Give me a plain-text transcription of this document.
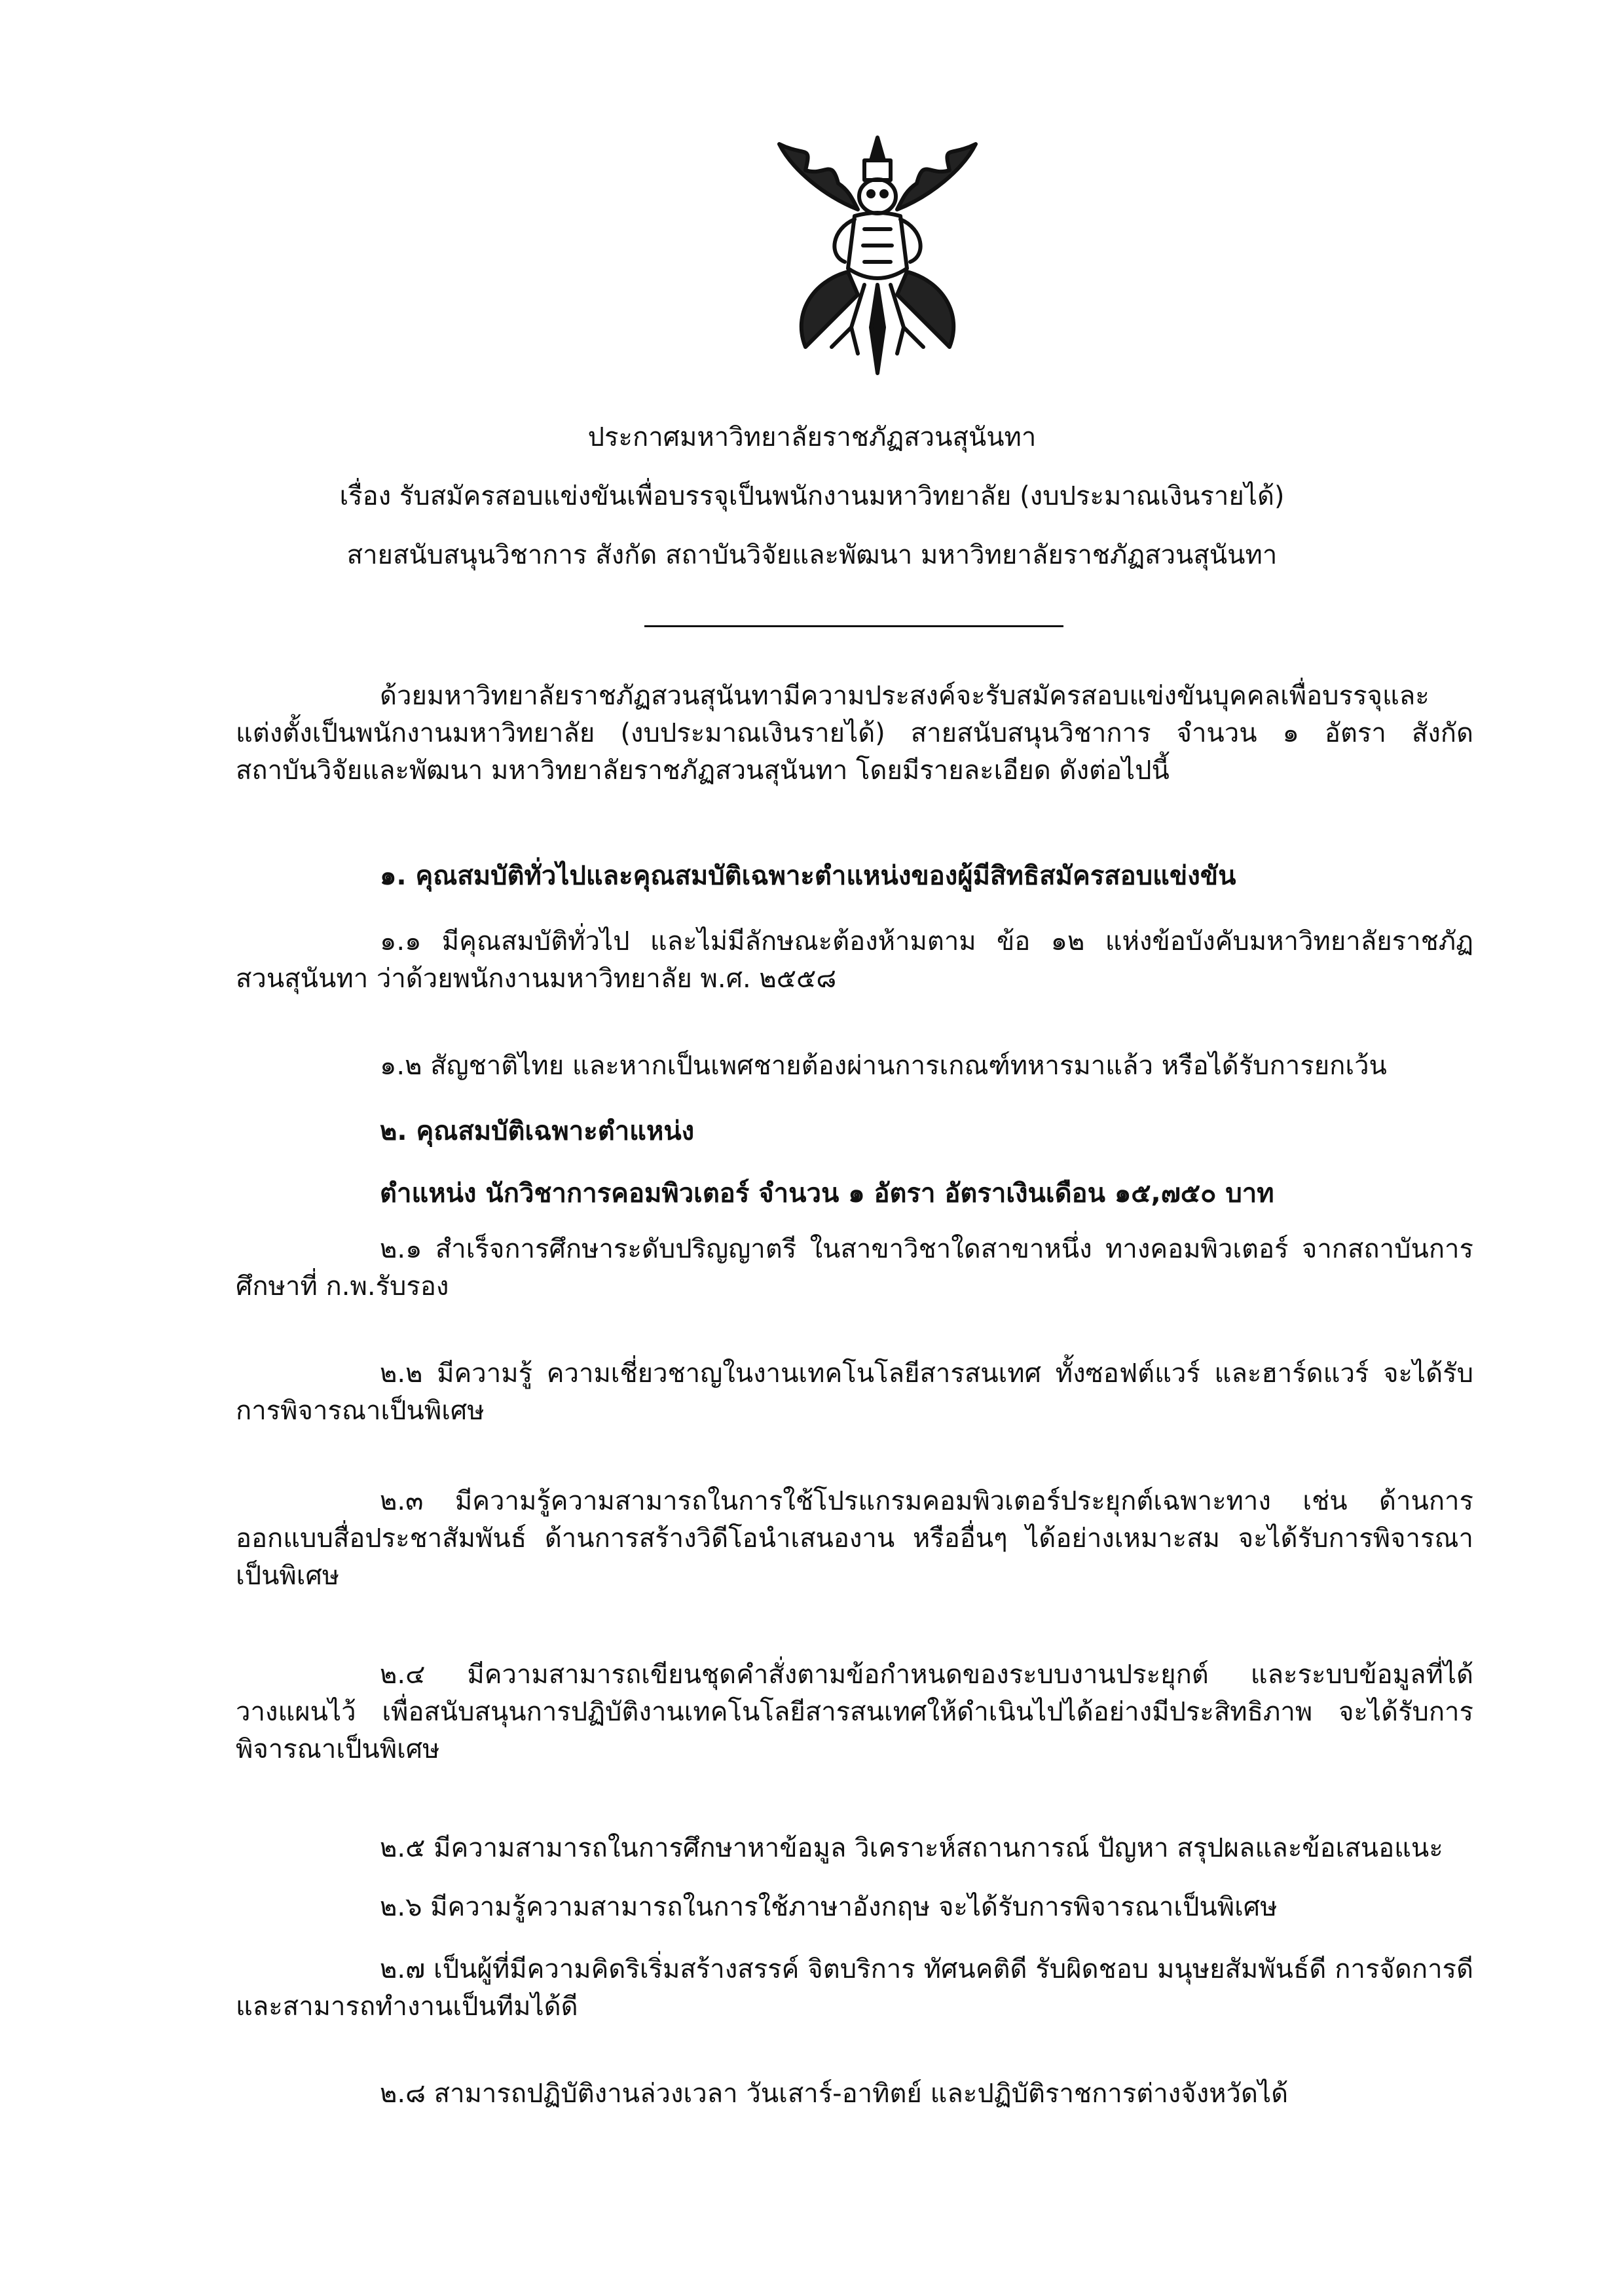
ประกาศมหาวิทยาลัยราชภัฏสวนสุนันทา
เรื่อง รับสมัครสอบแข่งขันเพื่อบรรจุเป็นพนักงานมหาวิทยาลัย (งบประมาณเงินรายได้)
สายสนับสนุนวิชาการ สังกัด สถาบันวิจัยและพัฒนา มหาวิทยาลัยราชภัฏสวนสุนันทา
ด้วยมหาวิทยาลัยราชภัฏสวนสุนันทามีความประสงค์จะรับสมัครสอบแข่งขันบุคคลเพื่อบรรจุและแต่งตั้งเป็นพนักงานมหาวิทยาลัย (งบประมาณเงินรายได้) สายสนับสนุนวิชาการ จำนวน ๑ อัตรา สังกัด สถาบันวิจัยและพัฒนา มหาวิทยาลัยราชภัฏสวนสุนันทา โดยมีรายละเอียด ดังต่อไปนี้
๑. คุณสมบัติทั่วไปและคุณสมบัติเฉพาะตำแหน่งของผู้มีสิทธิสมัครสอบแข่งขัน
๑.๑ มีคุณสมบัติทั่วไป และไม่มีลักษณะต้องห้ามตาม ข้อ ๑๒ แห่งข้อบังคับมหาวิทยาลัยราชภัฏสวนสุนันทา ว่าด้วยพนักงานมหาวิทยาลัย พ.ศ. ๒๕๕๘
๑.๒ สัญชาติไทย และหากเป็นเพศชายต้องผ่านการเกณฑ์ทหารมาแล้ว หรือได้รับการยกเว้น
๒. คุณสมบัติเฉพาะตำแหน่ง
ตำแหน่ง นักวิชาการคอมพิวเตอร์ จำนวน ๑ อัตรา อัตราเงินเดือน ๑๕,๗๕๐ บาท
๒.๑ สำเร็จการศึกษาระดับปริญญาตรี ในสาขาวิชาใดสาขาหนึ่ง ทางคอมพิวเตอร์ จากสถาบันการศึกษาที่ ก.พ.รับรอง
๒.๒ มีความรู้ ความเชี่ยวชาญในงานเทคโนโลยีสารสนเทศ ทั้งซอฟต์แวร์ และฮาร์ดแวร์ จะได้รับการพิจารณาเป็นพิเศษ
๒.๓ มีความรู้ความสามารถในการใช้โปรแกรมคอมพิวเตอร์ประยุกต์เฉพาะทาง เช่น ด้านการออกแบบสื่อประชาสัมพันธ์ ด้านการสร้างวิดีโอนำเสนองาน หรืออื่นๆ ได้อย่างเหมาะสม จะได้รับการพิจารณาเป็นพิเศษ
๒.๔ มีความสามารถเขียนชุดคำสั่งตามข้อกำหนดของระบบงานประยุกต์ และระบบข้อมูลที่ได้วางแผนไว้ เพื่อสนับสนุนการปฏิบัติงานเทคโนโลยีสารสนเทศให้ดำเนินไปได้อย่างมีประสิทธิภาพ จะได้รับการพิจารณาเป็นพิเศษ
๒.๕ มีความสามารถในการศึกษาหาข้อมูล วิเคราะห์สถานการณ์ ปัญหา สรุปผลและข้อเสนอแนะ
๒.๖ มีความรู้ความสามารถในการใช้ภาษาอังกฤษ จะได้รับการพิจารณาเป็นพิเศษ
๒.๗ เป็นผู้ที่มีความคิดริเริ่มสร้างสรรค์ จิตบริการ ทัศนคติดี รับผิดชอบ มนุษยสัมพันธ์ดี การจัดการดี และสามารถทำงานเป็นทีมได้ดี
๒.๘ สามารถปฏิบัติงานล่วงเวลา วันเสาร์-อาทิตย์ และปฏิบัติราชการต่างจังหวัดได้
